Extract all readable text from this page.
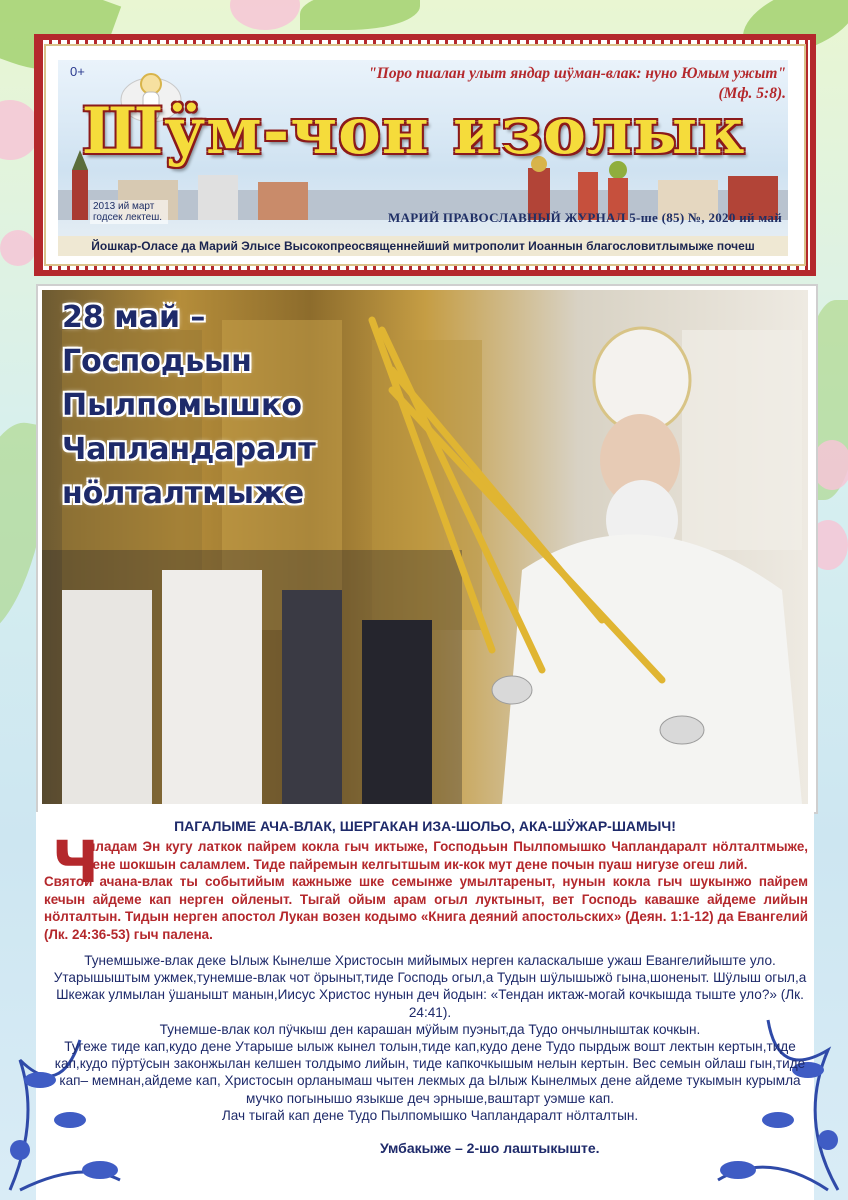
0+	"Поро пиалан улыт яндар шӱман-влак: нуно Юмым ужыт" (Мф. 5:8).
Шӱм-чон изолык
2013 ий март годсек лектеш.	МАРИЙ ПРАВОСЛАВНЫЙ ЖУРНАЛ 5-ше (85) №, 2020 ий май
Йошкар-Оласе да Марий Элысе Высокопреосвященнейший митрополит Иоаннын благословитлымыже почеш
28 май –
Господьын
Пылпомышко
Чапландаралт
нӧлталтмыже
ПАГАЛЫМЕ АЧА-ВЛАК, ШЕРГАКАН ИЗА-ШОЛЬО, АКА-ШӰЖАР-ШАМЫЧ!
Ч
ыладам Эн кугу латкок пайрем кокла гыч иктыже, Господьын Пылпомышко Чапландаралт нӧлталтмыже, дене шокшын саламлем. Тиде пайремын келгытшым ик-кок мут дене почын пуаш нигузе огеш лий.
Святой ачана-влак ты событийым кажныже шке семынже умылтареныт, нунын кокла гыч шукынжо пайрем кечын айдеме кап нерген ойленыт. Тыгай ойым арам огыл луктыныт, вет Господь кавашке айдеме лийын нӧлталтын. Тидын нерген апостол Лукан возен кодымо «Книга деяний апостольских» (Деян. 1:1-12) да Евангелий (Лк. 24:36-53) гыч палена.

Тунемшыже-влак деке Ылыж Кынелше Христосын мийымых нерген каласкалыше ужаш Евангелийыште уло. Утарышыштым ужмек,тунемше-влак чот ӧрыныт,тиде Господь огыл,а Тудын шӱлышыжӧ гына,шоненыт. Шӱлыш огыл,а Шкежак улмылан ӱшанышт манын,Иисус Христос нунын деч йодын: «Тендан иктаж-могай кочкышда тыште уло?» (Лк. 24:41).

Тунемше-влак кол пӱчкыш ден карашан мӱйым пуэныт,да Тудо ончылныштак кочкын.

Тугеже тиде кап,кудо дене Утарыше ылыж кынел толын,тиде кап,кудо дене Тудо пырдыж вошт лектын кертын,тиде кап,кудо пӱртӱсын законжылан келшен толдымо лийын, тиде капкочкышым нелын кертын. Вес семын ойлаш гын,тиде кап– мемнан,айдеме кап, Христосын орланымаш чытен лекмых да Ылыж Кынелмых дене айдеме тукымын курымла мучко погынышо языкше деч эрнышe,ваштарт уэмше кап.

Лач тыгай кап дене Тудо Пылпомышко Чапландаралт нӧлталтын.

Умбакыже – 2-шо лаштыкыште.
